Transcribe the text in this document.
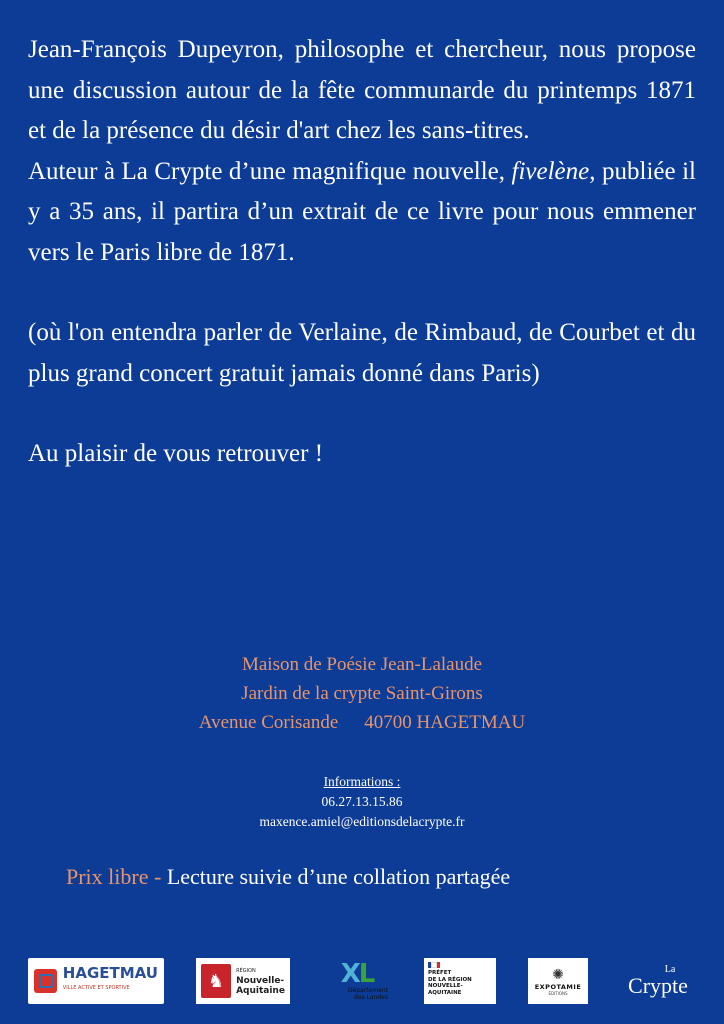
Jean-François Dupeyron, philosophe et chercheur, nous propose une discussion autour de la fête communarde du printemps 1871 et de la présence du désir d'art chez les sans-titres.

Auteur à La Crypte d’une magnifique nouvelle, fivelène, publiée il y a 35 ans, il partira d’un extrait de ce livre pour nous emmener vers le Paris libre de 1871.

(où l'on entendra parler de Verlaine, de Rimbaud, de Courbet et du plus grand concert gratuit jamais donné dans Paris)

Au plaisir de vous retrouver !

Maison de Poésie Jean-Lalaude
Jardin de la crypte Saint-Girons
Avenue Corisande 40700 HAGETMAU
Informations :
06.27.13.15.86
maxence.amiel@editionsdelacrypte.fr
Prix libre - Lecture suivie d’une collation partagée
HAGETMAU
VILLE ACTIVE ET SPORTIVE	♞	RÉGION
Nouvelle-
Aquitaine
XL
Département
des Landes
PRÉFET
DE LA RÉGION
NOUVELLE-AQUITAINE
✺
EXPOTAMIE
ÉDITIONS
La
Crypte
